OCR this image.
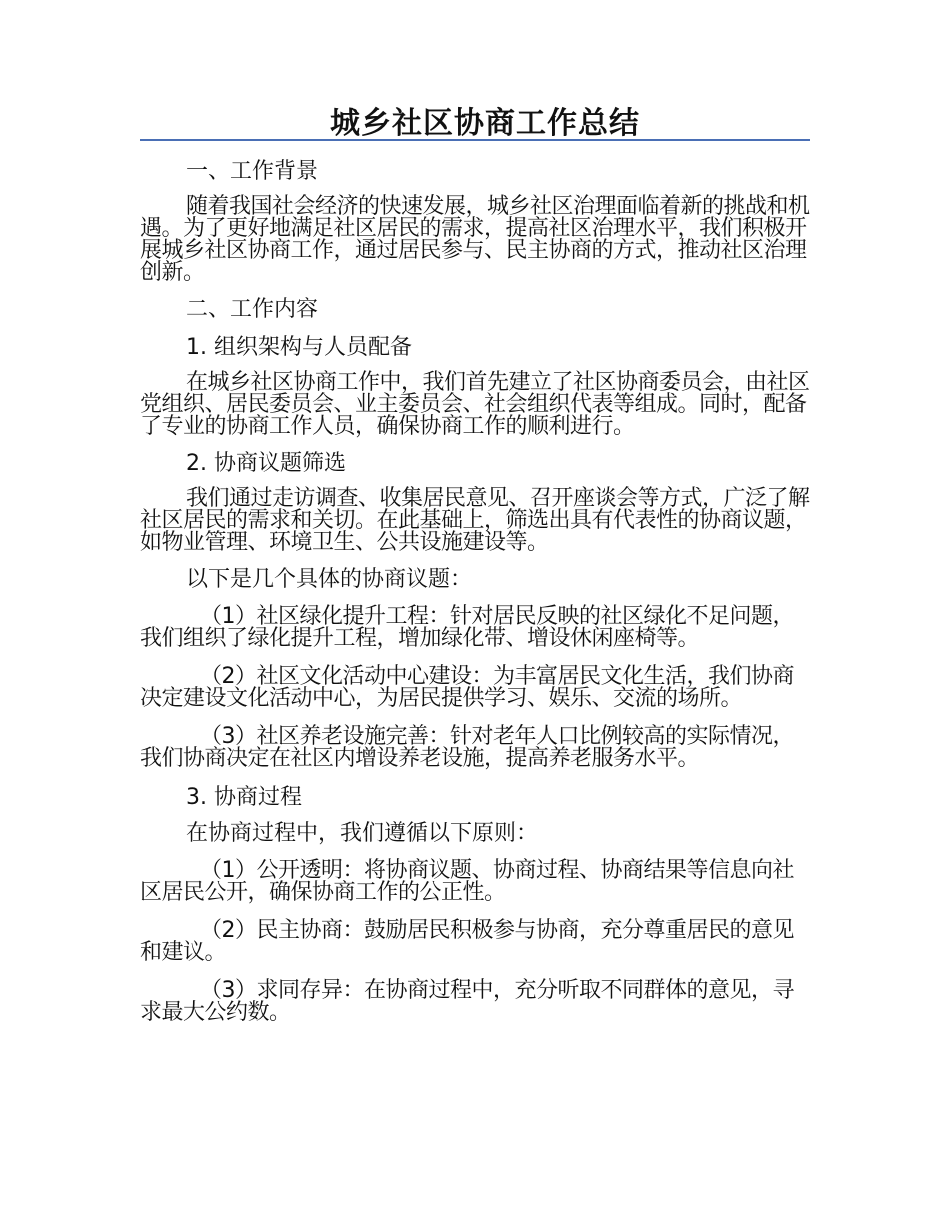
城乡社区协商工作总结

一、工作背景

随着我国社会经济的快速发展，城乡社区治理面临着新的挑战和机遇。为了更好地满足社区居民的需求，提高社区治理水平，我们积极开展城乡社区协商工作，通过居民参与、民主协商的方式，推动社区治理创新。

二、工作内容

1. 组织架构与人员配备

在城乡社区协商工作中，我们首先建立了社区协商委员会，由社区党组织、居民委员会、业主委员会、社会组织代表等组成。同时，配备了专业的协商工作人员，确保协商工作的顺利进行。

2. 协商议题筛选

我们通过走访调查、收集居民意见、召开座谈会等方式，广泛了解社区居民的需求和关切。在此基础上，筛选出具有代表性的协商议题，如物业管理、环境卫生、公共设施建设等。

以下是几个具体的协商议题：

（1）社区绿化提升工程：针对居民反映的社区绿化不足问题，我们组织了绿化提升工程，增加绿化带、增设休闲座椅等。

（2）社区文化活动中心建设：为丰富居民文化生活，我们协商决定建设文化活动中心，为居民提供学习、娱乐、交流的场所。

（3）社区养老设施完善：针对老年人口比例较高的实际情况，我们协商决定在社区内增设养老设施，提高养老服务水平。

3. 协商过程

在协商过程中，我们遵循以下原则：

（1）公开透明：将协商议题、协商过程、协商结果等信息向社区居民公开，确保协商工作的公正性。

（2）民主协商：鼓励居民积极参与协商，充分尊重居民的意见和建议。

（3）求同存异：在协商过程中，充分听取不同群体的意见，寻求最大公约数。
